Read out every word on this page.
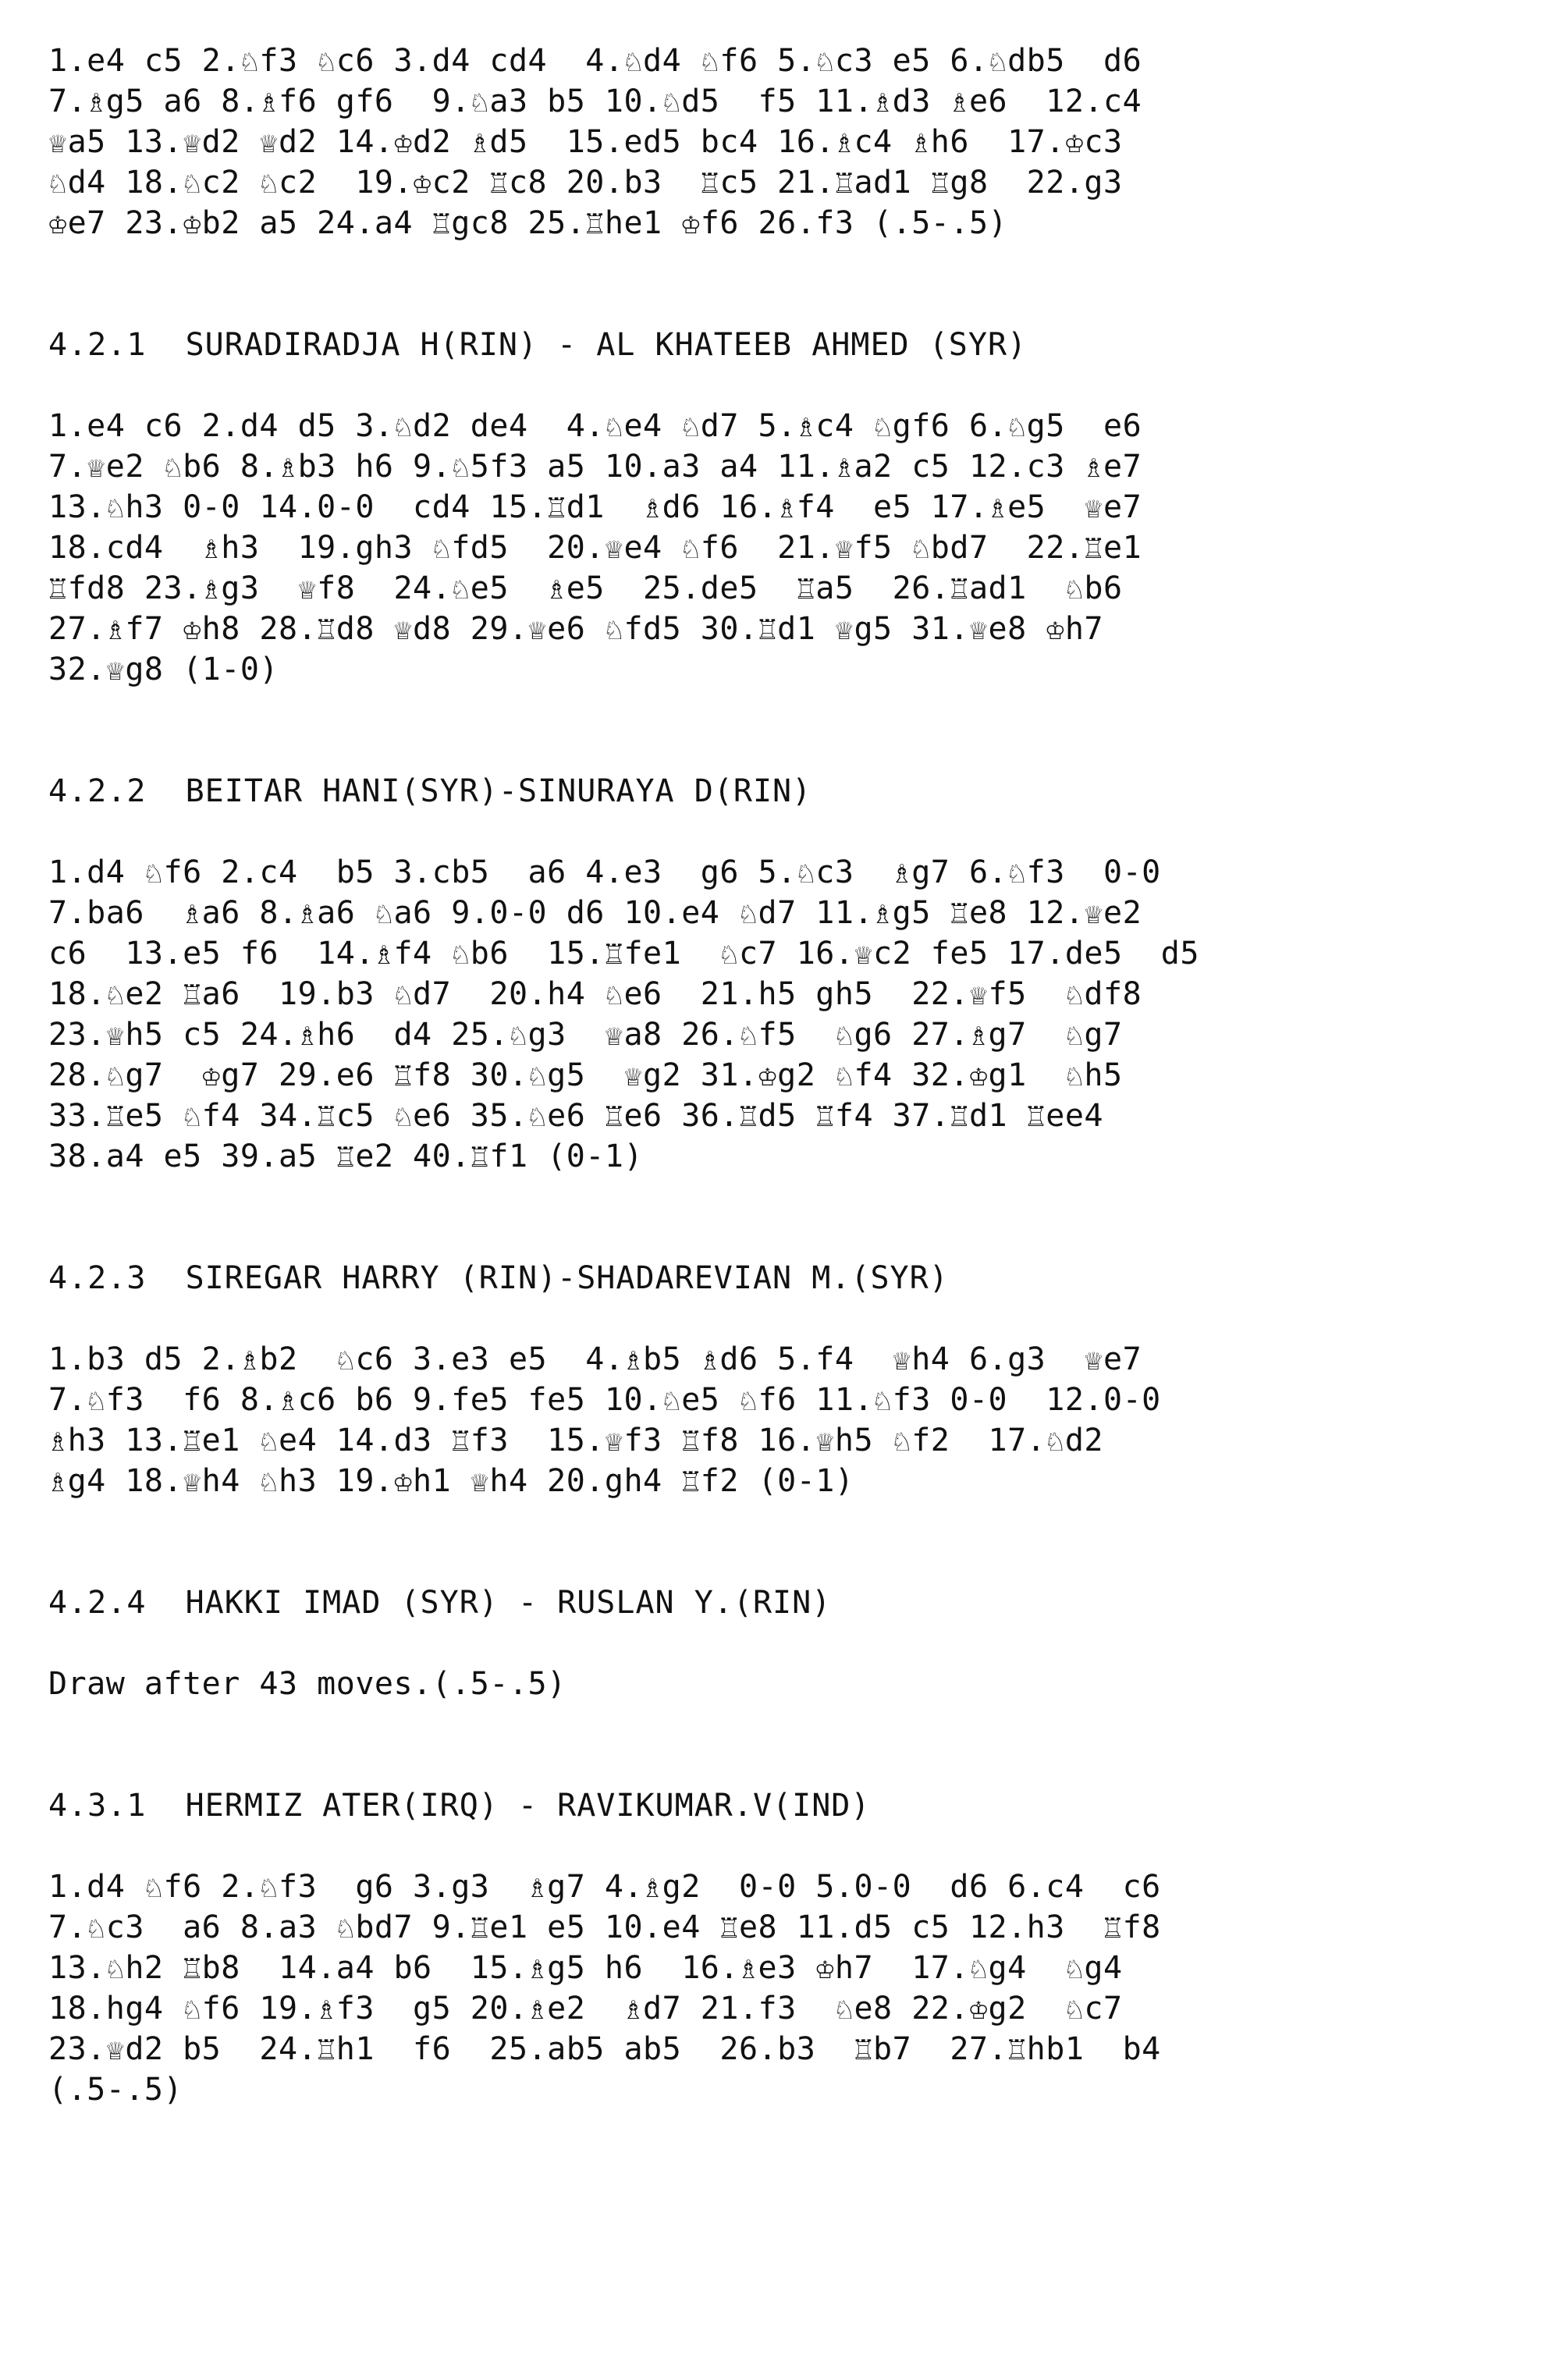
1.e4 c5 2.♘f3 ♘c6 3.d4 cd4  4.♘d4 ♘f6 5.♘c3 e5 6.♘db5  d6
7.♗g5 a6 8.♗f6 gf6  9.♘a3 b5 10.♘d5  f5 11.♗d3 ♗e6  12.c4
♕a5 13.♕d2 ♕d2 14.♔d2 ♗d5  15.ed5 bc4 16.♗c4 ♗h6  17.♔c3
♘d4 18.♘c2 ♘c2  19.♔c2 ♖c8 20.b3  ♖c5 21.♖ad1 ♖g8  22.g3
♔e7 23.♔b2 a5 24.a4 ♖gc8 25.♖he1 ♔f6 26.f3 (.5-.5)
4.2.1  SURADIRADJA H(RIN) - AL KHATEEB AHMED (SYR)
1.e4 c6 2.d4 d5 3.♘d2 de4  4.♘e4 ♘d7 5.♗c4 ♘gf6 6.♘g5  e6
7.♕e2 ♘b6 8.♗b3 h6 9.♘5f3 a5 10.a3 a4 11.♗a2 c5 12.c3 ♗e7
13.♘h3 0-0 14.0-0  cd4 15.♖d1  ♗d6 16.♗f4  e5 17.♗e5  ♕e7
18.cd4  ♗h3  19.gh3 ♘fd5  20.♕e4 ♘f6  21.♕f5 ♘bd7  22.♖e1
♖fd8 23.♗g3  ♕f8  24.♘e5  ♗e5  25.de5  ♖a5  26.♖ad1  ♘b6
27.♗f7 ♔h8 28.♖d8 ♕d8 29.♕e6 ♘fd5 30.♖d1 ♕g5 31.♕e8 ♔h7
32.♕g8 (1-0)
4.2.2  BEITAR HANI(SYR)-SINURAYA D(RIN)
1.d4 ♘f6 2.c4  b5 3.cb5  a6 4.e3  g6 5.♘c3  ♗g7 6.♘f3  0-0
7.ba6  ♗a6 8.♗a6 ♘a6 9.0-0 d6 10.e4 ♘d7 11.♗g5 ♖e8 12.♕e2
c6  13.e5 f6  14.♗f4 ♘b6  15.♖fe1  ♘c7 16.♕c2 fe5 17.de5  d5
18.♘e2 ♖a6  19.b3 ♘d7  20.h4 ♘e6  21.h5 gh5  22.♕f5  ♘df8
23.♕h5 c5 24.♗h6  d4 25.♘g3  ♕a8 26.♘f5  ♘g6 27.♗g7  ♘g7
28.♘g7  ♔g7 29.e6 ♖f8 30.♘g5  ♕g2 31.♔g2 ♘f4 32.♔g1  ♘h5
33.♖e5 ♘f4 34.♖c5 ♘e6 35.♘e6 ♖e6 36.♖d5 ♖f4 37.♖d1 ♖ee4
38.a4 e5 39.a5 ♖e2 40.♖f1 (0-1)
4.2.3  SIREGAR HARRY (RIN)-SHADAREVIAN M.(SYR)
1.b3 d5 2.♗b2  ♘c6 3.e3 e5  4.♗b5 ♗d6 5.f4  ♕h4 6.g3  ♕e7
7.♘f3  f6 8.♗c6 b6 9.fe5 fe5 10.♘e5 ♘f6 11.♘f3 0-0  12.0-0
♗h3 13.♖e1 ♘e4 14.d3 ♖f3  15.♕f3 ♖f8 16.♕h5 ♘f2  17.♘d2
♗g4 18.♕h4 ♘h3 19.♔h1 ♕h4 20.gh4 ♖f2 (0-1)
4.2.4  HAKKI IMAD (SYR) - RUSLAN Y.(RIN)
Draw after 43 moves.(.5-.5)
4.3.1  HERMIZ ATER(IRQ) - RAVIKUMAR.V(IND)
1.d4 ♘f6 2.♘f3  g6 3.g3  ♗g7 4.♗g2  0-0 5.0-0  d6 6.c4  c6
7.♘c3  a6 8.a3 ♘bd7 9.♖e1 e5 10.e4 ♖e8 11.d5 c5 12.h3  ♖f8
13.♘h2 ♖b8  14.a4 b6  15.♗g5 h6  16.♗e3 ♔h7  17.♘g4  ♘g4
18.hg4 ♘f6 19.♗f3  g5 20.♗e2  ♗d7 21.f3  ♘e8 22.♔g2  ♘c7
23.♕d2 b5  24.♖h1  f6  25.ab5 ab5  26.b3  ♖b7  27.♖hb1  b4
(.5-.5)
